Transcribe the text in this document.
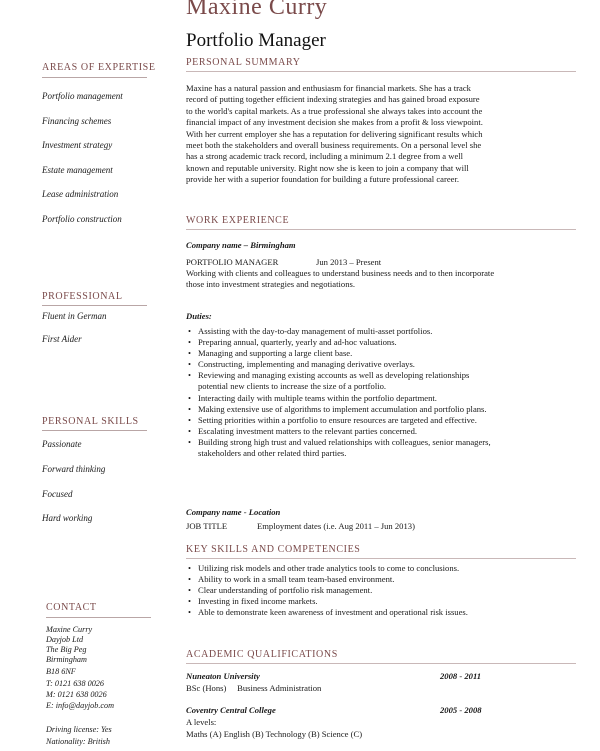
Maxine Curry
Portfolio Manager
AREAS OF EXPERTISE
Portfolio management
Financing schemes
Investment strategy
Estate management
Lease administration
Portfolio construction
PROFESSIONAL
Fluent in German
First Aider
PERSONAL SKILLS
Passionate
Forward thinking
Focused
Hard working
CONTACT
Maxine Curry
Dayjob Ltd
The Big Peg
Birmingham
B18 6NF
T: 0121 638 0026
M: 0121 638 0026
E: info@dayjob.com
Driving license: Yes
Nationality: British
PERSONAL SUMMARY
Maxine has a natural passion and enthusiasm for financial markets. She has a track
record of putting together efficient indexing strategies and has gained broad exposure
to the world's capital markets. As a true professional she always takes into account the
financial impact of any investment decision she makes from a profit & loss viewpoint.
With her current employer she has a reputation for delivering significant results which
meet both the stakeholders and overall business requirements. On a personal level she
has a strong academic track record, including a minimum 2.1 degree from a well
known and reputable university. Right now she is keen to join a company that will
provide her with a superior foundation for building a future professional career.
WORK EXPERIENCE
Company name – Birmingham
PORTFOLIO MANAGER	Jun 2013 – Present
Working with clients and colleagues to understand business needs and to then incorporate
those into investment strategies and negotiations.
Duties:
• Assisting with the day-to-day management of multi-asset portfolios.
• Preparing annual, quarterly, yearly and ad-hoc valuations.
• Managing and supporting a large client base.
• Constructing, implementing and managing derivative overlays.
• Reviewing and managing existing accounts as well as developing relationships
potential new clients to increase the size of a portfolio.
• Interacting daily with multiple teams within the portfolio department.
• Making extensive use of algorithms to implement accumulation and portfolio plans.
• Setting priorities within a portfolio to ensure resources are targeted and effective.
• Escalating investment matters to the relevant parties concerned.
• Building strong high trust and valued relationships with colleagues, senior managers,
stakeholders and other related third parties.
Company name - Location
JOB TITLE	Employment dates (i.e. Aug 2011 – Jun 2013)
KEY SKILLS AND COMPETENCIES
• Utilizing risk models and other trade analytics tools to come to conclusions.
• Ability to work in a small team team-based environment.
• Clear understanding of portfolio risk management.
• Investing in fixed income markets.
• Able to demonstrate keen awareness of investment and operational risk issues.
ACADEMIC QUALIFICATIONS
Nuneaton University	2008 - 2011
BSc (Hons)     Business Administration
Coventry Central College	2005 - 2008
A levels:
Maths (A) English (B) Technology (B) Science (C)
